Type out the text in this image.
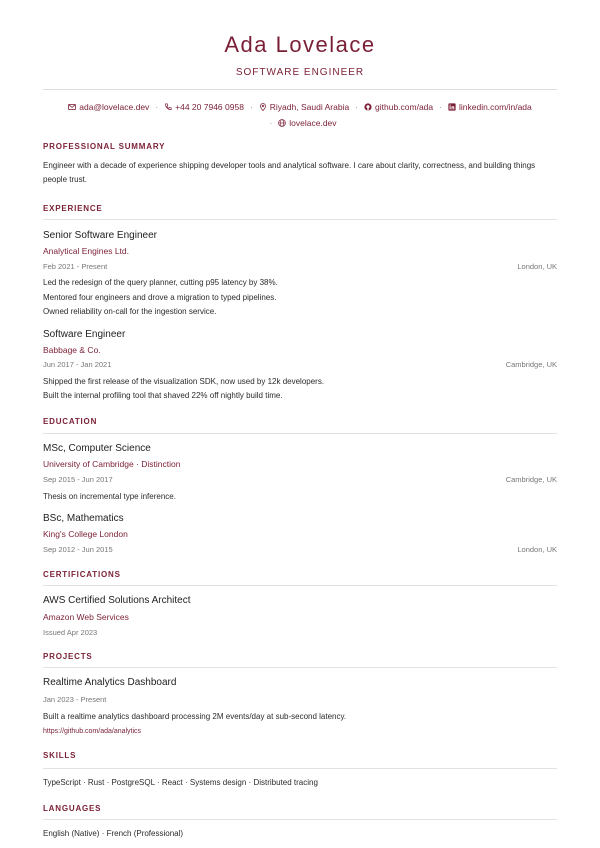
Ada Lovelace
SOFTWARE ENGINEER
ada@lovelace.dev · +44 20 7946 0958 · Riyadh, Saudi Arabia · github.com/ada · linkedin.com/in/ada
· lovelace.dev
PROFESSIONAL SUMMARY
Engineer with a decade of experience shipping developer tools and analytical software. I care about clarity, correctness, and building things people trust.
EXPERIENCE
Senior Software Engineer
Analytical Engines Ltd.
Feb 2021 - Present	London, UK
Led the redesign of the query planner, cutting p95 latency by 38%.
Mentored four engineers and drove a migration to typed pipelines.
Owned reliability on-call for the ingestion service.
Software Engineer
Babbage & Co.
Jun 2017 - Jan 2021	Cambridge, UK
Shipped the first release of the visualization SDK, now used by 12k developers.
Built the internal profiling tool that shaved 22% off nightly build time.
EDUCATION
MSc, Computer Science
University of Cambridge · Distinction
Sep 2015 - Jun 2017	Cambridge, UK
Thesis on incremental type inference.
BSc, Mathematics
King's College London
Sep 2012 - Jun 2015	London, UK
CERTIFICATIONS
AWS Certified Solutions Architect
Amazon Web Services
Issued Apr 2023
PROJECTS
Realtime Analytics Dashboard
Jan 2023 - Present
Built a realtime analytics dashboard processing 2M events/day at sub-second latency.
https://github.com/ada/analytics
SKILLS
TypeScript · Rust · PostgreSQL · React · Systems design · Distributed tracing
LANGUAGES
English (Native) · French (Professional)
